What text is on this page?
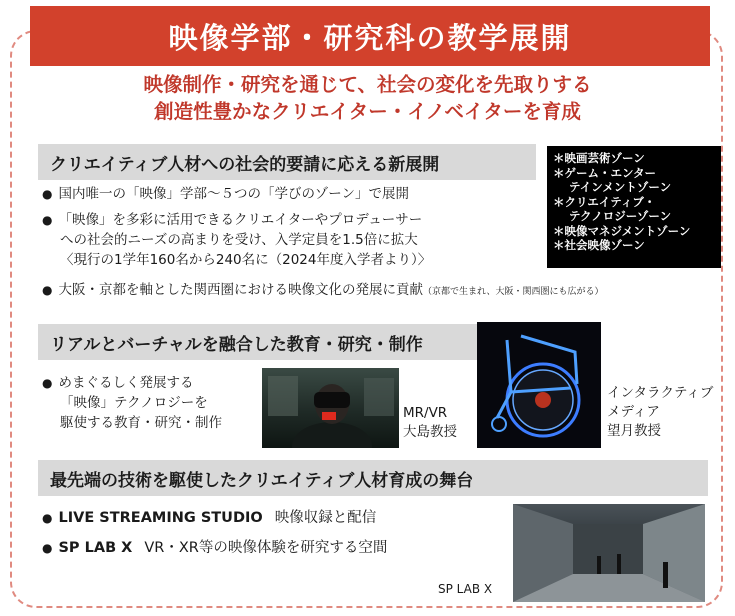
映像学部・研究科の教学展開
映像制作・研究を通じて、社会の変化を先取りする
創造性豊かなクリエイター・イノベイターを育成
クリエイティブ人材への社会的要請に応える新展開	＊映画芸術ゾーン
＊ゲーム・エンター
テインメントゾーン
＊クリエイティブ・
テクノロジーゾーン
＊映像マネジメントゾーン
＊社会映像ゾーン
● 国内唯一の「映像」学部～５つの「学びのゾーン」で展開
● 「映像」を多彩に活用できるクリエイターやプロデューサー
への社会的ニーズの高まりを受け、入学定員を1.5倍に拡大
〈現行の1学年160名から240名に（2024年度入学者より）〉
● 大阪・京都を軸とした関西圏における映像文化の発展に貢献（京都で生まれ、大阪・関西圏にも広がる）
リアルとバーチャルを融合した教育・研究・制作
● めまぐるしく発展する
「映像」テクノロジーを
駆使する教育・研究・制作
MR/VR
大島教授
インタラクティブ
メディア
望月教授
最先端の技術を駆使したクリエイティブ人材育成の舞台
● LIVE STREAMING STUDIO 映像収録と配信
● SP LAB X VR・XR等の映像体験を研究する空間
SP LAB X
